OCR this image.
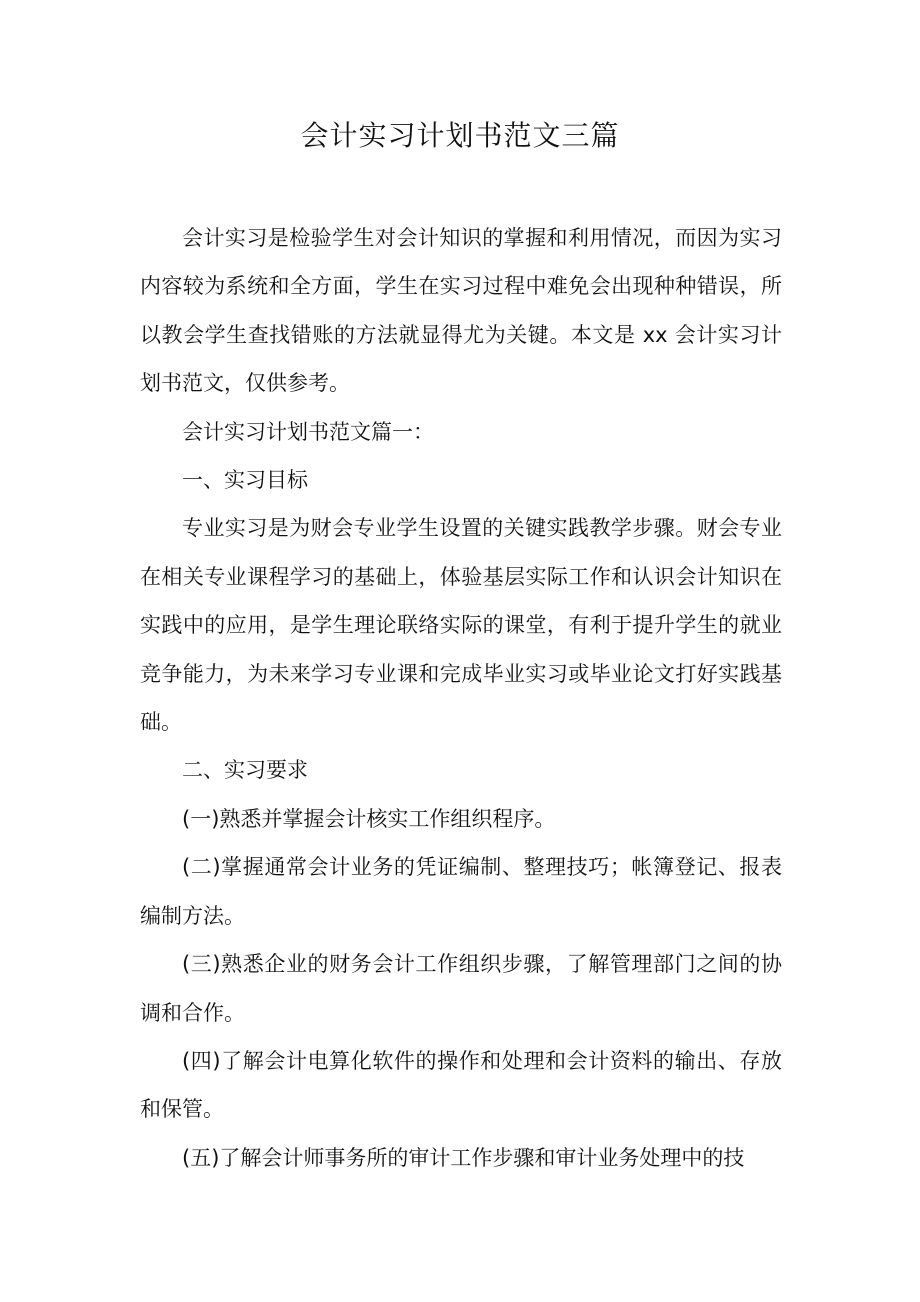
会计实习计划书范文三篇

会计实习是检验学生对会计知识的掌握和利用情况，而因为实习内容较为系统和全方面，学生在实习过程中难免会出现种种错误，所以教会学生查找错账的方法就显得尤为关键。本文是 xx 会计实习计划书范文，仅供参考。

会计实习计划书范文篇一：

一、实习目标

专业实习是为财会专业学生设置的关键实践教学步骤。财会专业在相关专业课程学习的基础上，体验基层实际工作和认识会计知识在实践中的应用，是学生理论联络实际的课堂，有利于提升学生的就业竞争能力，为未来学习专业课和完成毕业实习或毕业论文打好实践基础。

二、实习要求

(一)熟悉并掌握会计核实工作组织程序。

(二)掌握通常会计业务的凭证编制、整理技巧；帐簿登记、报表编制方法。

(三)熟悉企业的财务会计工作组织步骤，了解管理部门之间的协调和合作。

(四)了解会计电算化软件的操作和处理和会计资料的输出、存放和保管。

(五)了解会计师事务所的审计工作步骤和审计业务处理中的技
